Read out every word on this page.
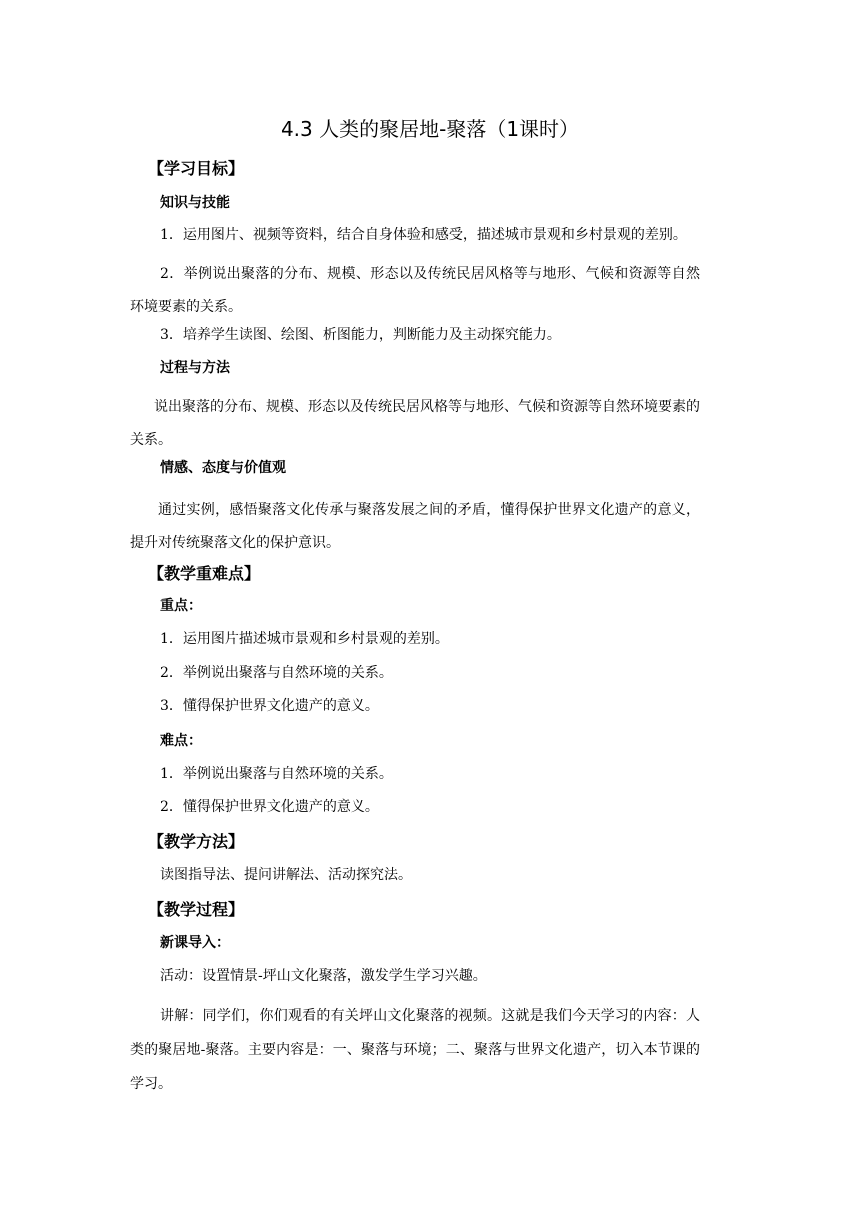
4.3 人类的聚居地-聚落（1课时）
【学习目标】
知识与技能
1．运用图片、视频等资料，结合自身体验和感受，描述城市景观和乡村景观的差别。
2．举例说出聚落的分布、规模、形态以及传统民居风格等与地形、气候和资源等自然环境要素的关系。
3．培养学生读图、绘图、析图能力，判断能力及主动探究能力。
过程与方法
说出聚落的分布、规模、形态以及传统民居风格等与地形、气候和资源等自然环境要素的关系。
情感、态度与价值观
通过实例，感悟聚落文化传承与聚落发展之间的矛盾，懂得保护世界文化遗产的意义，提升对传统聚落文化的保护意识。
【教学重难点】
重点：
1．运用图片描述城市景观和乡村景观的差别。
2．举例说出聚落与自然环境的关系。
3．懂得保护世界文化遗产的意义。
难点：
1．举例说出聚落与自然环境的关系。
2．懂得保护世界文化遗产的意义。
【教学方法】
读图指导法、提问讲解法、活动探究法。
【教学过程】
新课导入：
活动：设置情景-坪山文化聚落，激发学生学习兴趣。
讲解：同学们，你们观看的有关坪山文化聚落的视频。这就是我们今天学习的内容：人类的聚居地-聚落。主要内容是：一、聚落与环境；二、聚落与世界文化遗产，切入本节课的学习。
